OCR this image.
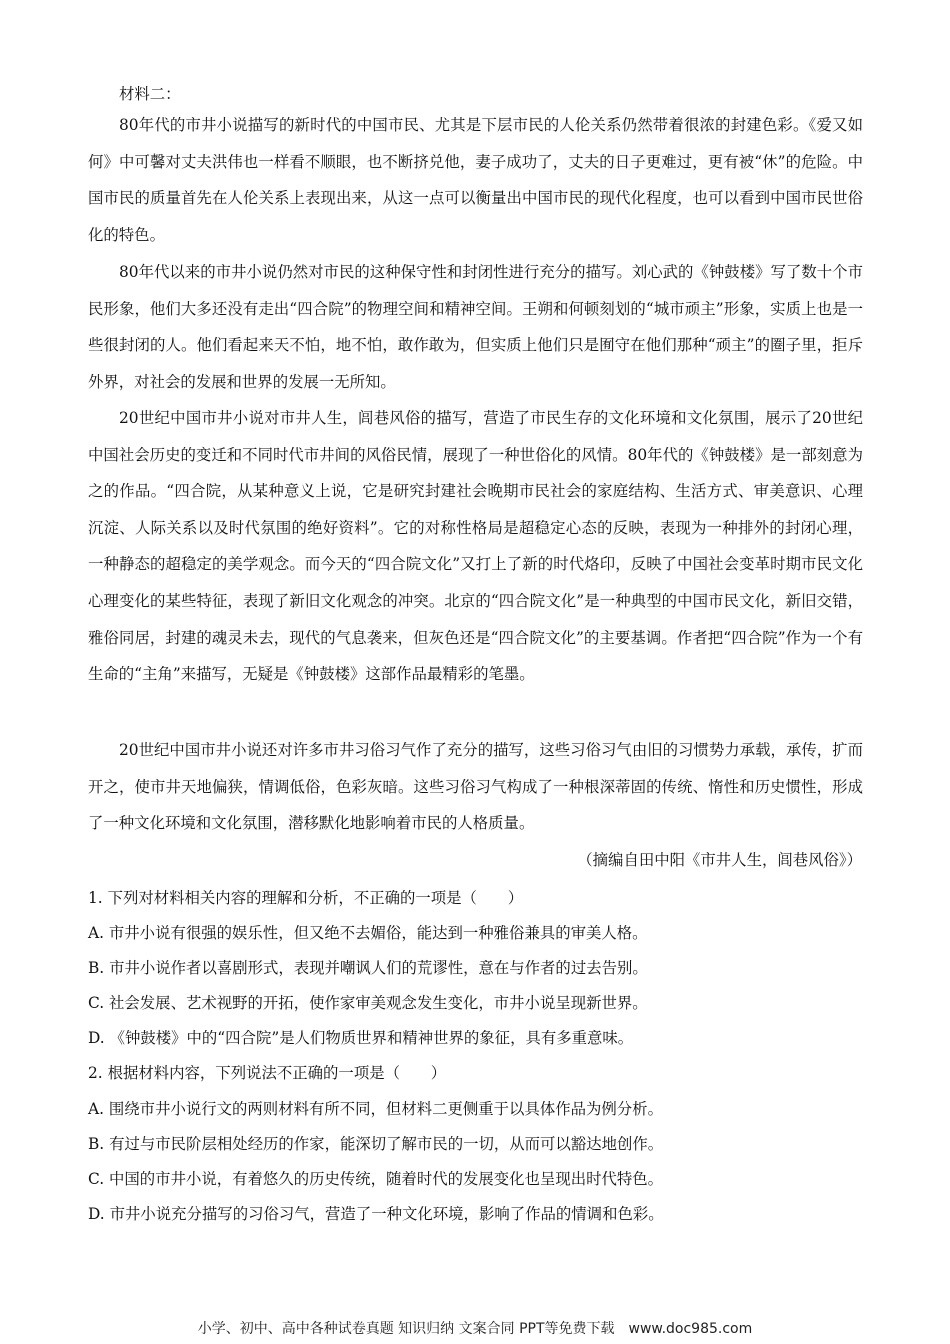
材料二：

80年代的市井小说描写的新时代的中国市民、尤其是下层市民的人伦关系仍然带着很浓的封建色彩。《爱又如何》中可馨对丈夫洪伟也一样看不顺眼，也不断挤兑他，妻子成功了，丈夫的日子更难过，更有被“休”的危险。中国市民的质量首先在人伦关系上表现出来，从这一点可以衡量出中国市民的现代化程度，也可以看到中国市民世俗化的特色。

80年代以来的市井小说仍然对市民的这种保守性和封闭性进行充分的描写。刘心武的《钟鼓楼》写了数十个市民形象，他们大多还没有走出“四合院”的物理空间和精神空间。王朔和何顿刻划的“城市顽主”形象，实质上也是一些很封闭的人。他们看起来天不怕，地不怕，敢作敢为，但实质上他们只是囿守在他们那种“顽主”的圈子里，拒斥外界，对社会的发展和世界的发展一无所知。

20世纪中国市井小说对市井人生，闾巷风俗的描写，营造了市民生存的文化环境和文化氛围，展示了20世纪中国社会历史的变迁和不同时代市井间的风俗民情，展现了一种世俗化的风情。80年代的《钟鼓楼》是一部刻意为之的作品。“四合院，从某种意义上说，它是研究封建社会晚期市民社会的家庭结构、生活方式、审美意识、心理沉淀、人际关系以及时代氛围的绝好资料”。它的对称性格局是超稳定心态的反映，表现为一种排外的封闭心理，一种静态的超稳定的美学观念。而今天的“四合院文化”又打上了新的时代烙印，反映了中国社会变革时期市民文化心理变化的某些特征，表现了新旧文化观念的冲突。北京的“四合院文化”是一种典型的中国市民文化，新旧交错，雅俗同居，封建的魂灵未去，现代的气息袭来，但灰色还是“四合院文化”的主要基调。作者把“四合院”作为一个有生命的“主角”来描写，无疑是《钟鼓楼》这部作品最精彩的笔墨。

20世纪中国市井小说还对许多市井习俗习气作了充分的描写，这些习俗习气由旧的习惯势力承载，承传，扩而开之，使市井天地偏狭，情调低俗，色彩灰暗。这些习俗习气构成了一种根深蒂固的传统、惰性和历史惯性，形成了一种文化环境和文化氛围，潜移默化地影响着市民的人格质量。

（摘编自田中阳《市井人生，闾巷风俗》）
1. 下列对材料相关内容的理解和分析，不正确的一项是（　　）
A. 市井小说有很强的娱乐性，但又绝不去媚俗，能达到一种雅俗兼具的审美人格。
B. 市井小说作者以喜剧形式，表现并嘲讽人们的荒谬性，意在与作者的过去告别。
C. 社会发展、艺术视野的开拓，使作家审美观念发生变化，市井小说呈现新世界。
D. 《钟鼓楼》中的“四合院”是人们物质世界和精神世界的象征，具有多重意味。
2. 根据材料内容，下列说法不正确的一项是（　　）
A. 围绕市井小说行文的两则材料有所不同，但材料二更侧重于以具体作品为例分析。
B. 有过与市民阶层相处经历的作家，能深切了解市民的一切，从而可以豁达地创作。
C. 中国的市井小说，有着悠久的历史传统，随着时代的发展变化也呈现出时代特色。
D. 市井小说充分描写的习俗习气，营造了一种文化环境，影响了作品的情调和色彩。
小学、初中、高中各种试卷真题 知识归纳 文案合同 PPT等免费下载 www.doc985.com
